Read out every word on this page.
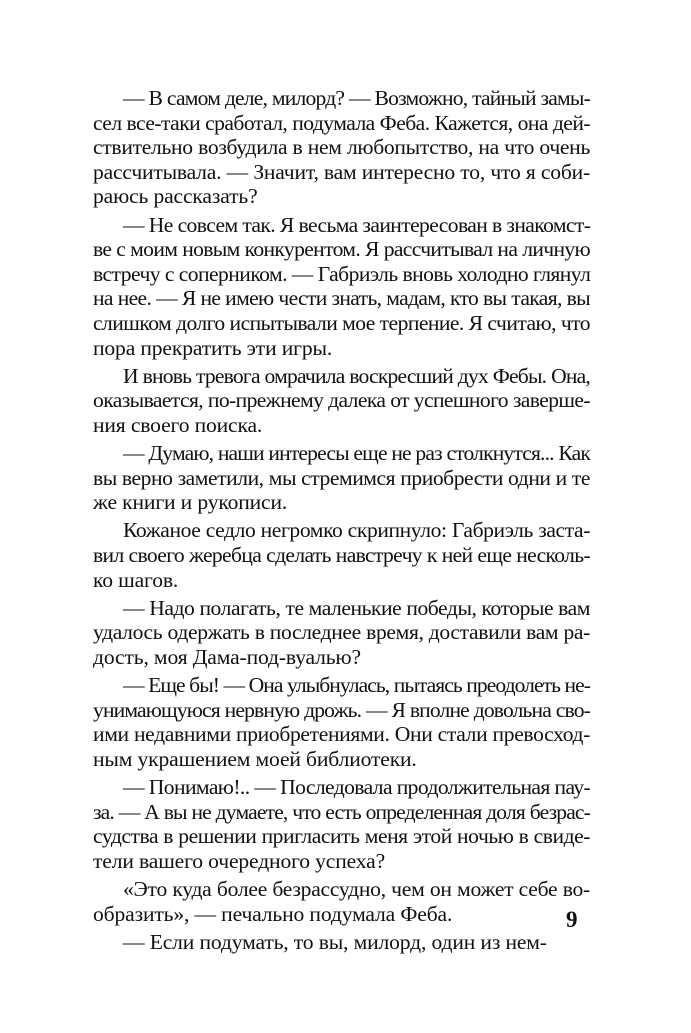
— В самом деле, милорд? — Возможно, тайный замы-
сел все-таки сработал, подумала Феба. Кажется, она дей-
ствительно возбудила в нем любопытство, на что очень
рассчитывала. — Значит, вам интересно то, что я соби-
раюсь рассказать?
— Не совсем так. Я весьма заинтересован в знакомст-
ве с моим новым конкурентом. Я рассчитывал на личную
встречу с соперником. — Габриэль вновь холодно глянул
на нее. — Я не имею чести знать, мадам, кто вы такая, вы
слишком долго испытывали мое терпение. Я считаю, что
пора прекратить эти игры.
И вновь тревога омрачила воскресший дух Фебы. Она,
оказывается, по-прежнему далека от успешного заверше-
ния своего поиска.
— Думаю, наши интересы еще не раз столкнутся... Как
вы верно заметили, мы стремимся приобрести одни и те
же книги и рукописи.
Кожаное седло негромко скрипнуло: Габриэль заста-
вил своего жеребца сделать навстречу к ней еще несколь-
ко шагов.
— Надо полагать, те маленькие победы, которые вам
удалось одержать в последнее время, доставили вам ра-
дость, моя Дама-под-вуалью?
— Еще бы! — Она улыбнулась, пытаясь преодолеть не-
унимающуюся нервную дрожь. — Я вполне довольна сво-
ими недавними приобретениями. Они стали превосход-
ным украшением моей библиотеки.
— Понимаю!.. — Последовала продолжительная пау-
за. — А вы не думаете, что есть определенная доля безрас-
судства в решении пригласить меня этой ночью в свиде-
тели вашего очередного успеха?
«Это куда более безрассудно, чем он может себе во-
образить», — печально подумала Феба.
— Если подумать, то вы, милорд, один из нем-
9
